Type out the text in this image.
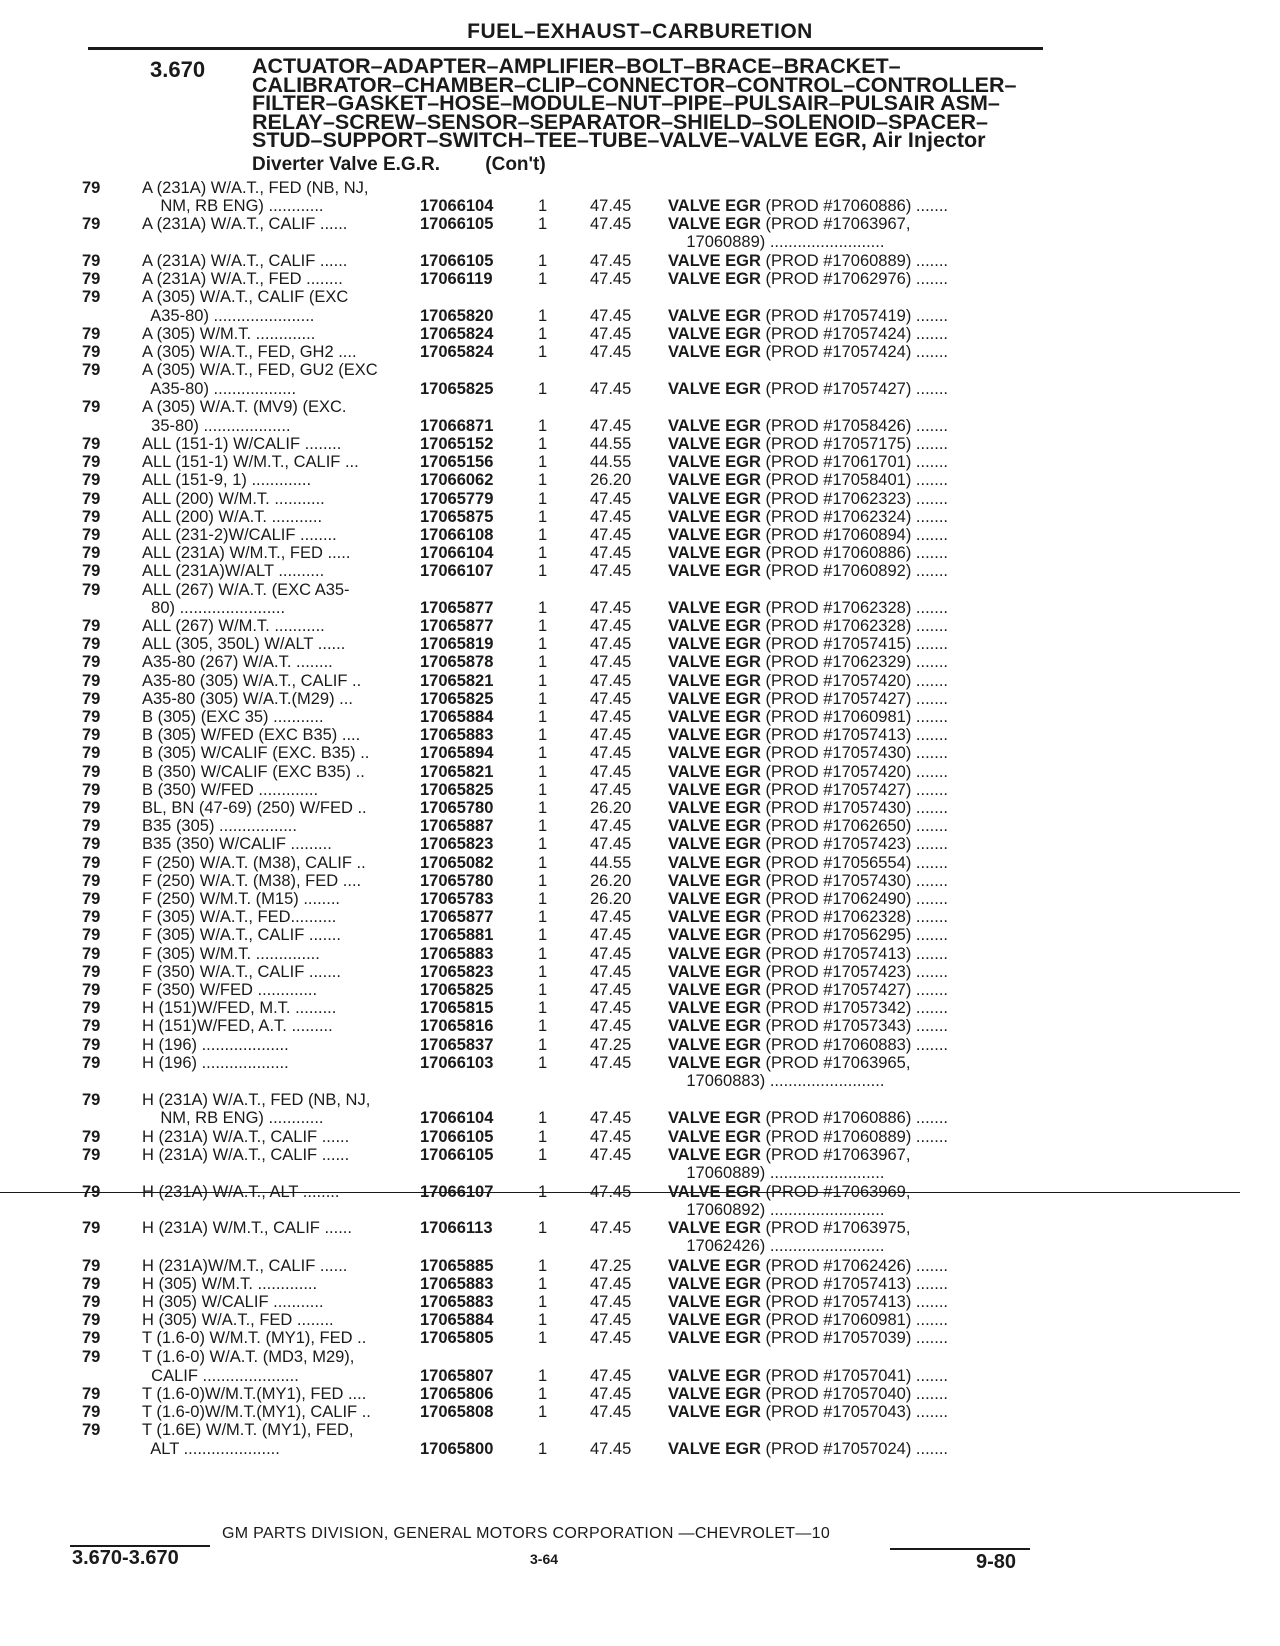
FUEL–EXHAUST–CARBURETION
3.670 ACTUATOR–ADAPTER–AMPLIFIER–BOLT–BRACE–BRACKET–
CALIBRATOR–CHAMBER–CLIP–CONNECTOR–CONTROL–CONTROLLER–
FILTER–GASKET–HOSE–MODULE–NUT–PIPE–PULSAIR–PULSAIR ASM–
RELAY–SCREW–SENSOR–SEPARATOR–SHIELD–SOLENOID–SPACER–
STUD–SUPPORT–SWITCH–TEE–TUBE–VALVE–VALVE EGR, Air Injector
Diverter Valve E.G.R. (Con't)
79	A (231A) W/A.T., FED (NB, NJ,

NM, RB ENG) ............	17066104	1	47.45	VALVE EGR (PROD #17060886) .......
79	A (231A) W/A.T., CALIF ......	17066105	1	47.45	VALVE EGR (PROD #17063967,
17060889) .........................
79	A (231A) W/A.T., CALIF ......	17066105	1	47.45	VALVE EGR (PROD #17060889) .......
79	A (231A) W/A.T., FED ........	17066119	1	47.45	VALVE EGR (PROD #17062976) .......
79	A (305) W/A.T., CALIF (EXC

A35-80) ......................	17065820	1	47.45	VALVE EGR (PROD #17057419) .......
79	A (305) W/M.T. .............	17065824	1	47.45	VALVE EGR (PROD #17057424) .......
79	A (305) W/A.T., FED, GH2 ....	17065824	1	47.45	VALVE EGR (PROD #17057424) .......
79	A (305) W/A.T., FED, GU2 (EXC

A35-80) ..................	17065825	1	47.45	VALVE EGR (PROD #17057427) .......
79	A (305) W/A.T. (MV9) (EXC.

35-80) ...................	17066871	1	47.45	VALVE EGR (PROD #17058426) .......
79	ALL (151-1) W/CALIF ........	17065152	1	44.55	VALVE EGR (PROD #17057175) .......
79	ALL (151-1) W/M.T., CALIF ...	17065156	1	44.55	VALVE EGR (PROD #17061701) .......
79	ALL (151-9, 1) .............	17066062	1	26.20	VALVE EGR (PROD #17058401) .......
79	ALL (200) W/M.T. ...........	17065779	1	47.45	VALVE EGR (PROD #17062323) .......
79	ALL (200) W/A.T. ...........	17065875	1	47.45	VALVE EGR (PROD #17062324) .......
79	ALL (231-2)W/CALIF ........	17066108	1	47.45	VALVE EGR (PROD #17060894) .......
79	ALL (231A) W/M.T., FED .....	17066104	1	47.45	VALVE EGR (PROD #17060886) .......
79	ALL (231A)W/ALT ..........	17066107	1	47.45	VALVE EGR (PROD #17060892) .......
79	ALL (267) W/A.T. (EXC A35-

80) .......................	17065877	1	47.45	VALVE EGR (PROD #17062328) .......
79	ALL (267) W/M.T. ...........	17065877	1	47.45	VALVE EGR (PROD #17062328) .......
79	ALL (305, 350L) W/ALT ......	17065819	1	47.45	VALVE EGR (PROD #17057415) .......
79	A35-80 (267) W/A.T. ........	17065878	1	47.45	VALVE EGR (PROD #17062329) .......
79	A35-80 (305) W/A.T., CALIF ..	17065821	1	47.45	VALVE EGR (PROD #17057420) .......
79	A35-80 (305) W/A.T.(M29) ...	17065825	1	47.45	VALVE EGR (PROD #17057427) .......
79	B (305) (EXC 35) ...........	17065884	1	47.45	VALVE EGR (PROD #17060981) .......
79	B (305) W/FED (EXC B35) ....	17065883	1	47.45	VALVE EGR (PROD #17057413) .......
79	B (305) W/CALIF (EXC. B35) ..	17065894	1	47.45	VALVE EGR (PROD #17057430) .......
79	B (350) W/CALIF (EXC B35) ..	17065821	1	47.45	VALVE EGR (PROD #17057420) .......
79	B (350) W/FED .............	17065825	1	47.45	VALVE EGR (PROD #17057427) .......
79	BL, BN (47-69) (250) W/FED ..	17065780	1	26.20	VALVE EGR (PROD #17057430) .......
79	B35 (305) .................	17065887	1	47.45	VALVE EGR (PROD #17062650) .......
79	B35 (350) W/CALIF .........	17065823	1	47.45	VALVE EGR (PROD #17057423) .......
79	F (250) W/A.T. (M38), CALIF ..	17065082	1	44.55	VALVE EGR (PROD #17056554) .......
79	F (250) W/A.T. (M38), FED ....	17065780	1	26.20	VALVE EGR (PROD #17057430) .......
79	F (250) W/M.T. (M15) ........	17065783	1	26.20	VALVE EGR (PROD #17062490) .......
79	F (305) W/A.T., FED..........	17065877	1	47.45	VALVE EGR (PROD #17062328) .......
79	F (305) W/A.T., CALIF .......	17065881	1	47.45	VALVE EGR (PROD #17056295) .......
79	F (305) W/M.T. ..............	17065883	1	47.45	VALVE EGR (PROD #17057413) .......
79	F (350) W/A.T., CALIF .......	17065823	1	47.45	VALVE EGR (PROD #17057423) .......
79	F (350) W/FED .............	17065825	1	47.45	VALVE EGR (PROD #17057427) .......
79	H (151)W/FED, M.T. .........	17065815	1	47.45	VALVE EGR (PROD #17057342) .......
79	H (151)W/FED, A.T. .........	17065816	1	47.45	VALVE EGR (PROD #17057343) .......
79	H (196) ...................	17065837	1	47.25	VALVE EGR (PROD #17060883) .......
79	H (196) ...................	17066103	1	47.45	VALVE EGR (PROD #17063965,
17060883) .........................
79	H (231A) W/A.T., FED (NB, NJ,

NM, RB ENG) ............	17066104	1	47.45	VALVE EGR (PROD #17060886) .......
79	H (231A) W/A.T., CALIF ......	17066105	1	47.45	VALVE EGR (PROD #17060889) .......
79	H (231A) W/A.T., CALIF ......	17066105	1	47.45	VALVE EGR (PROD #17063967,
17060889) .........................
79	H (231A) W/A.T., ALT ........	17066107	1	47.45	VALVE EGR (PROD #17063969,
17060892) .........................
79	H (231A) W/M.T., CALIF ......	17066113	1	47.45	VALVE EGR (PROD #17063975,
17062426) .........................
79	H (231A)W/M.T., CALIF ......	17065885	1	47.25	VALVE EGR (PROD #17062426) .......
79	H (305) W/M.T. .............	17065883	1	47.45	VALVE EGR (PROD #17057413) .......
79	H (305) W/CALIF ...........	17065883	1	47.45	VALVE EGR (PROD #17057413) .......
79	H (305) W/A.T., FED ........	17065884	1	47.45	VALVE EGR (PROD #17060981) .......
79	T (1.6-0) W/M.T. (MY1), FED ..	17065805	1	47.45	VALVE EGR (PROD #17057039) .......
79	T (1.6-0) W/A.T. (MD3, M29),

CALIF .....................	17065807	1	47.45	VALVE EGR (PROD #17057041) .......
79	T (1.6-0)W/M.T.(MY1), FED ....	17065806	1	47.45	VALVE EGR (PROD #17057040) .......
79	T (1.6-0)W/M.T.(MY1), CALIF ..	17065808	1	47.45	VALVE EGR (PROD #17057043) .......
79	T (1.6E) W/M.T. (MY1), FED,

ALT .....................	17065800	1	47.45	VALVE EGR (PROD #17057024) .......
GM PARTS DIVISION, GENERAL MOTORS CORPORATION —CHEVROLET—10
3.670-3.670	3-64	9-80
